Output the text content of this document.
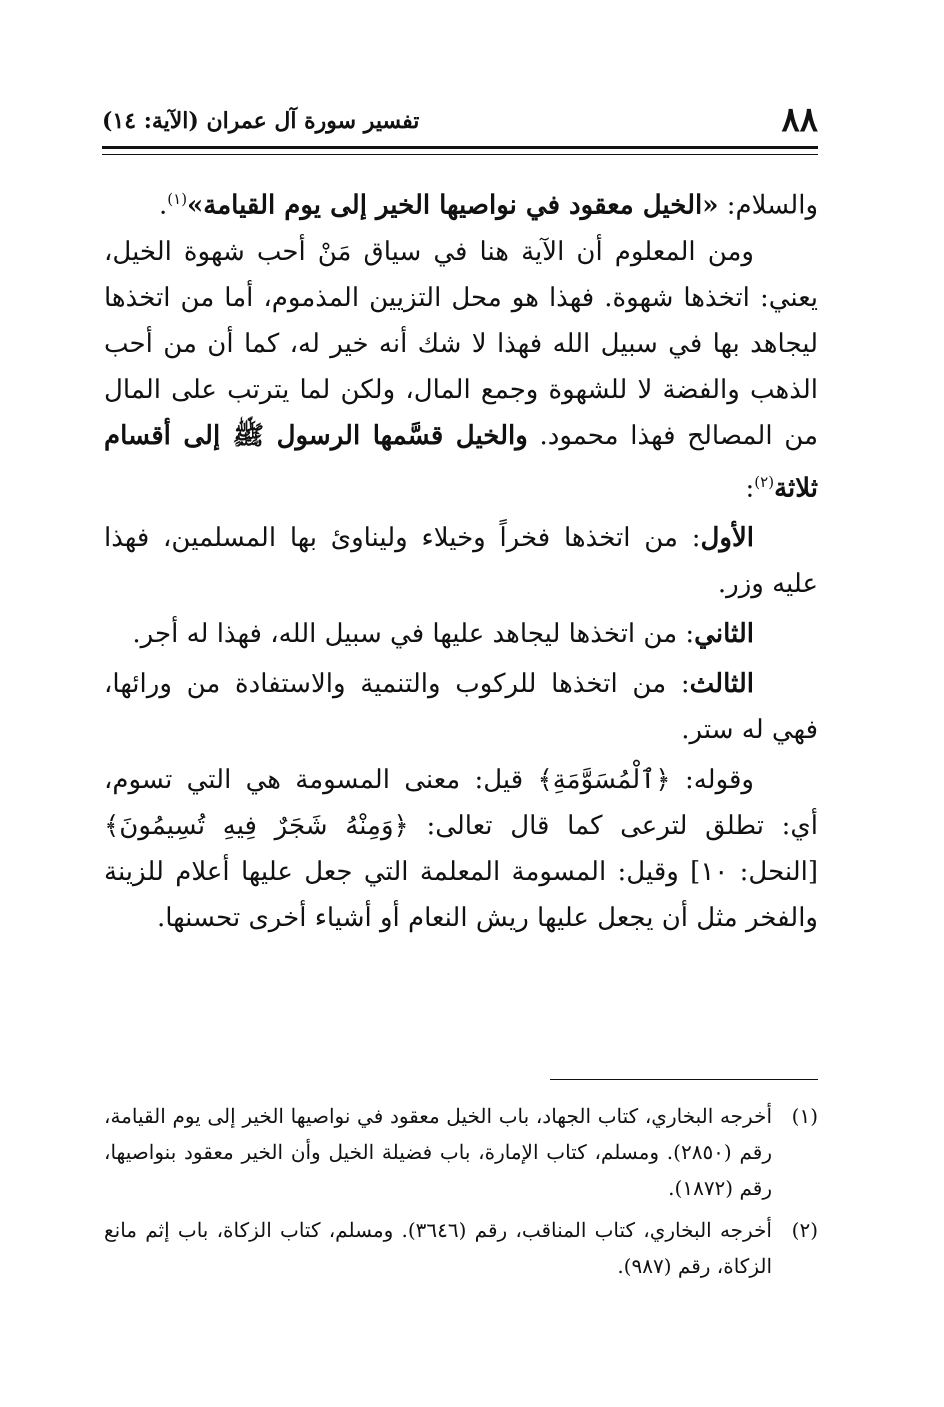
٨٨
تفسير سورة آل عمران (الآية: ١٤)

والسلام: «الخيل معقود في نواصيها الخير إلى يوم القيامة»$^{(١)}$.

ومن المعلوم أن الآية هنا في سياق مَنْ أحب شهوة الخيل، يعني: اتخذها شهوة. فهذا هو محل التزيين المذموم، أما من اتخذها ليجاهد بها في سبيل الله فهذا لا شك أنه خير له، كما أن من أحب الذهب والفضة لا للشهوة وجمع المال، ولكن لما يترتب على المال من المصالح فهذا محمود. والخيل قسَّمها الرسول ﷺ إلى أقسام ثلاثة$^{(٢)}$:

الأول: من اتخذها فخراً وخيلاء وليناوئ بها المسلمين، فهذا عليه وزر.

الثاني: من اتخذها ليجاهد عليها في سبيل الله، فهذا له أجر.

الثالث: من اتخذها للركوب والتنمية والاستفادة من ورائها، فهي له ستر.

وقوله: ﴿ٱلْمُسَوَّمَةِ﴾ قيل: معنى المسومة هي التي تسوم، أي: تطلق لترعى كما قال تعالى: ﴿وَمِنْهُ شَجَرٌ فِيهِ تُسِيمُونَ﴾ [النحل: ١٠] وقيل: المسومة المعلمة التي جعل عليها أعلام للزينة والفخر مثل أن يجعل عليها ريش النعام أو أشياء أخرى تحسنها.

(١)
أخرجه البخاري، كتاب الجهاد، باب الخيل معقود في نواصيها الخير إلى يوم القيامة، رقم (٢٨٥٠). ومسلم، كتاب الإمارة، باب فضيلة الخيل وأن الخير معقود بنواصيها، رقم (١٨٧٢).
(٢)
أخرجه البخاري، كتاب المناقب، رقم (٣٦٤٦). ومسلم، كتاب الزكاة، باب إثم مانع الزكاة، رقم (٩٨٧).
